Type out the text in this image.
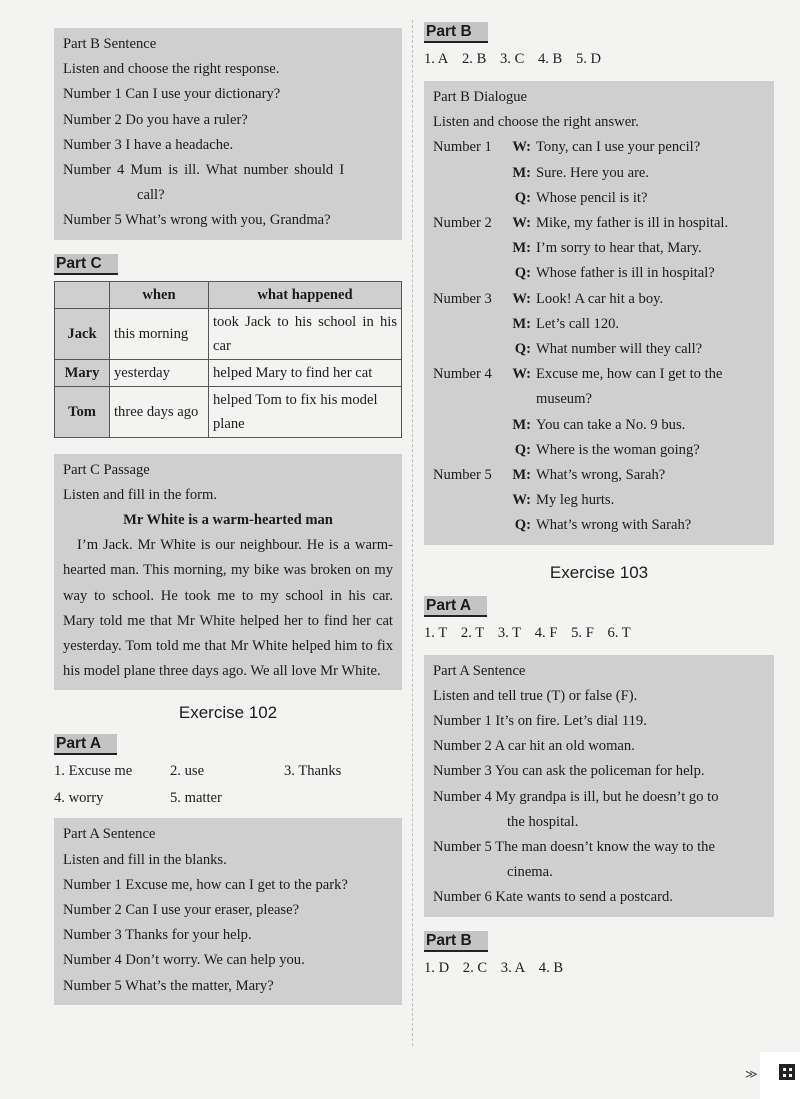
Part B Sentence
Listen and choose the right response.
Number 1 Can I use your dictionary?
Number 2 Do you have a ruler?
Number 3 I have a headache.
Number 4 Mum is ill. What number should I
call?
Number 5 What’s wrong with you, Grandma?
Part C
	when	what happened
Jack	this morning	took Jack to his school in his car
Mary	yesterday	helped Mary to find her cat
Tom	three days ago	helped Tom to fix his model plane
Part C Passage
Listen and fill in the form.
Mr White is a warm-hearted man
I’m Jack. Mr White is our neighbour. He is a warm-hearted man. This morning, my bike was broken on my way to school. He took me to my school in his car. Mary told me that Mr White helped her to find her cat yesterday. Tom told me that Mr White helped him to fix his model plane three days ago. We all love Mr White.
Exercise 102
Part A
1. Excuse me	2. use	3. Thanks
4. worry	5. matter
Part A Sentence
Listen and fill in the blanks.
Number 1 Excuse me, how can I get to the park?
Number 2 Can I use your eraser, please?
Number 3 Thanks for your help.
Number 4 Don’t worry. We can help you.
Number 5 What’s the matter, Mary?
Part B
1. A 2. B 3. C 4. B 5. D
Part B Dialogue
Listen and choose the right answer.
Number 1	W: Tony, can I use your pencil?
M: Sure. Here you are.
Q: Whose pencil is it?
Number 2	W: Mike, my father is ill in hospital.
M: I’m sorry to hear that, Mary.
Q: Whose father is ill in hospital?
Number 3	W: Look! A car hit a boy.
M: Let’s call 120.
Q: What number will they call?
Number 4	W: Excuse me, how can I get to the museum?
M: You can take a No. 9 bus.
Q: Where is the woman going?
Number 5	M: What’s wrong, Sarah?
W: My leg hurts.
Q: What’s wrong with Sarah?
Exercise 103
Part A
1. T 2. T 3. T 4. F 5. F 6. T
Part A Sentence
Listen and tell true (T) or false (F).
Number 1 It’s on fire. Let’s dial 119.
Number 2 A car hit an old woman.
Number 3 You can ask the policeman for help.
Number 4 My grandpa is ill, but he doesn’t go to
the hospital.
Number 5 The man doesn’t know the way to the
cinema.
Number 6 Kate wants to send a postcard.
Part B
1. D 2. C 3. A 4. B
≫
